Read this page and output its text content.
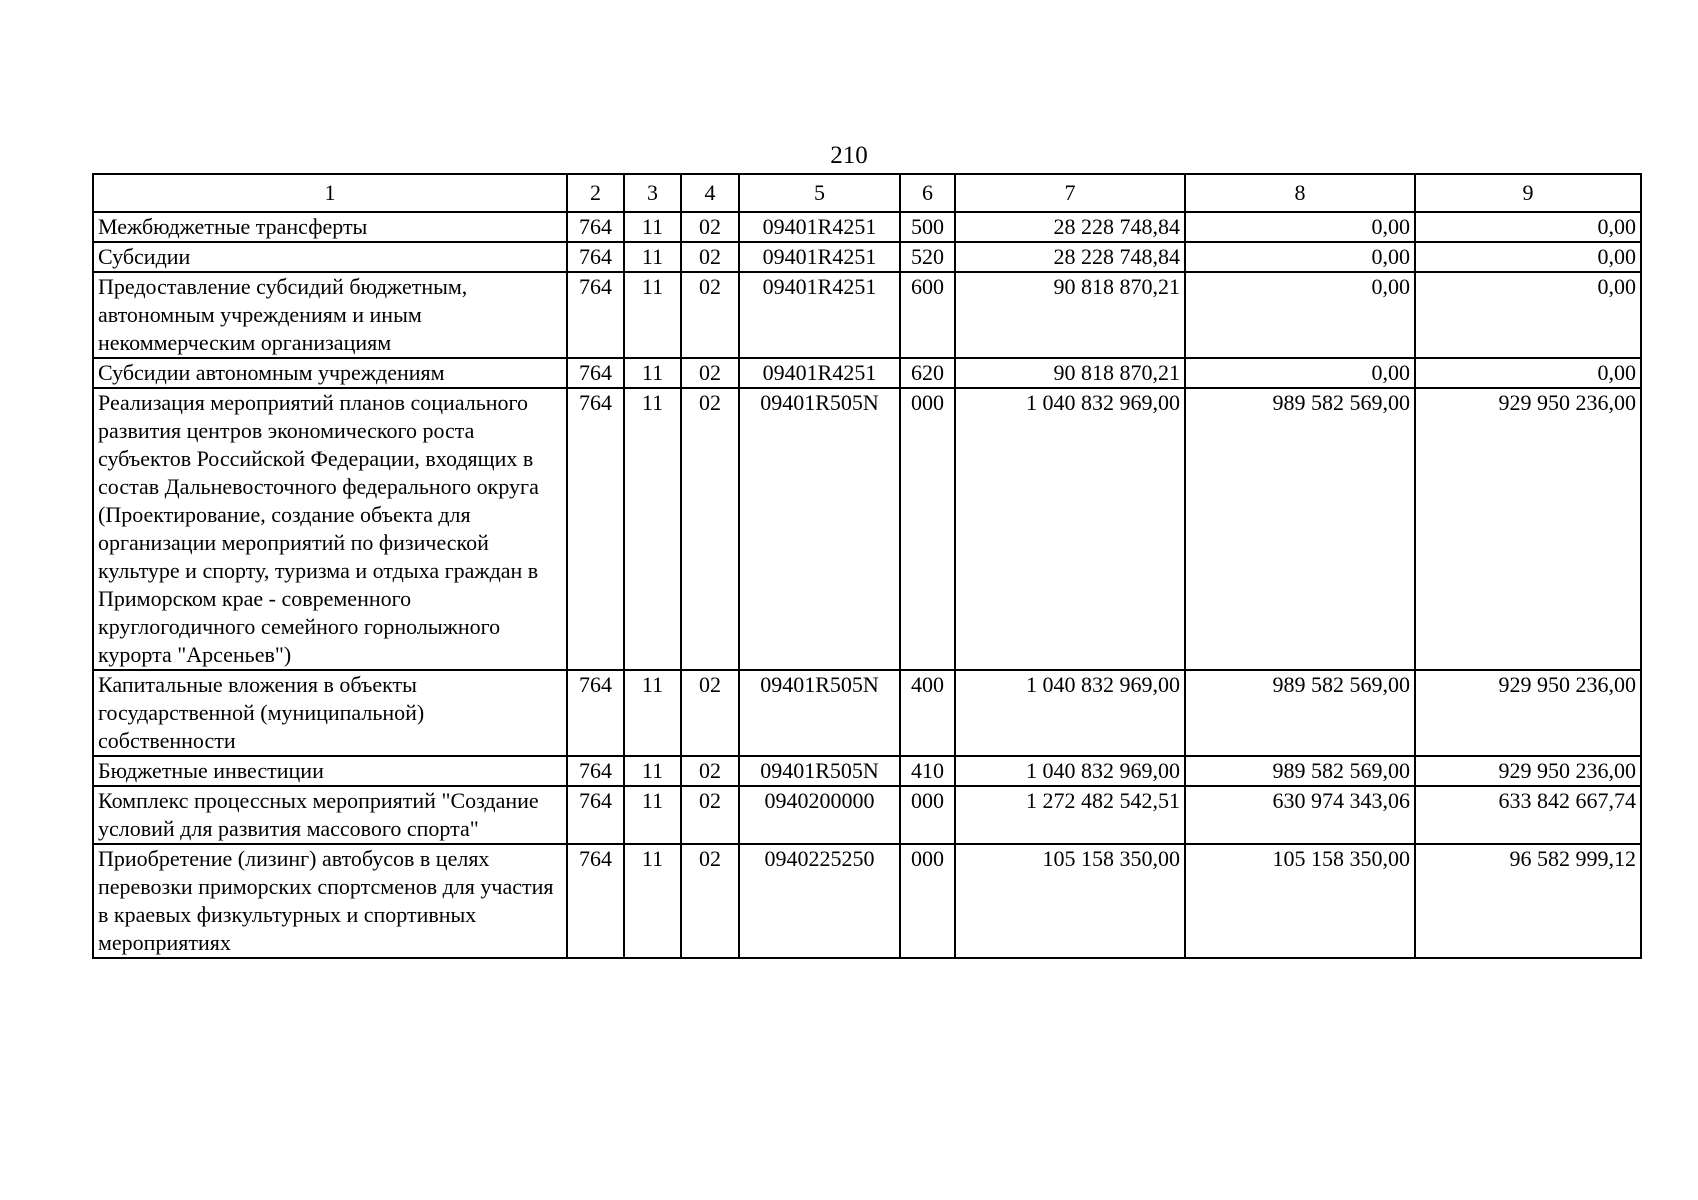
210
1	2	3	4	5	6	7	8	9
Межбюджетные трансферты	764	11	02	09401R4251	500	28 228 748,84	0,00	0,00
Субсидии	764	11	02	09401R4251	520	28 228 748,84	0,00	0,00
Предоставление субсидий бюджетным, автономным учреждениям и иным некоммерческим организациям	764	11	02	09401R4251	600	90 818 870,21	0,00	0,00
Субсидии автономным учреждениям	764	11	02	09401R4251	620	90 818 870,21	0,00	0,00
Реализация мероприятий планов социального развития центров экономического роста субъектов Российской Федерации, входящих в состав Дальневосточного федерального округа (Проектирование, создание объекта для организации мероприятий по физической культуре и спорту, туризма и отдыха граждан в Приморском крае - современного круглогодичного семейного горнолыжного курорта "Арсеньев")	764	11	02	09401R505N	000	1 040 832 969,00	989 582 569,00	929 950 236,00
Капитальные вложения в объекты государственной (муниципальной) собственности	764	11	02	09401R505N	400	1 040 832 969,00	989 582 569,00	929 950 236,00
Бюджетные инвестиции	764	11	02	09401R505N	410	1 040 832 969,00	989 582 569,00	929 950 236,00
Комплекс процессных мероприятий "Создание условий для развития массового спорта"	764	11	02	0940200000	000	1 272 482 542,51	630 974 343,06	633 842 667,74
Приобретение (лизинг) автобусов в целях перевозки приморских спортсменов для участия в краевых физкультурных и спортивных мероприятиях	764	11	02	0940225250	000	105 158 350,00	105 158 350,00	96 582 999,12
